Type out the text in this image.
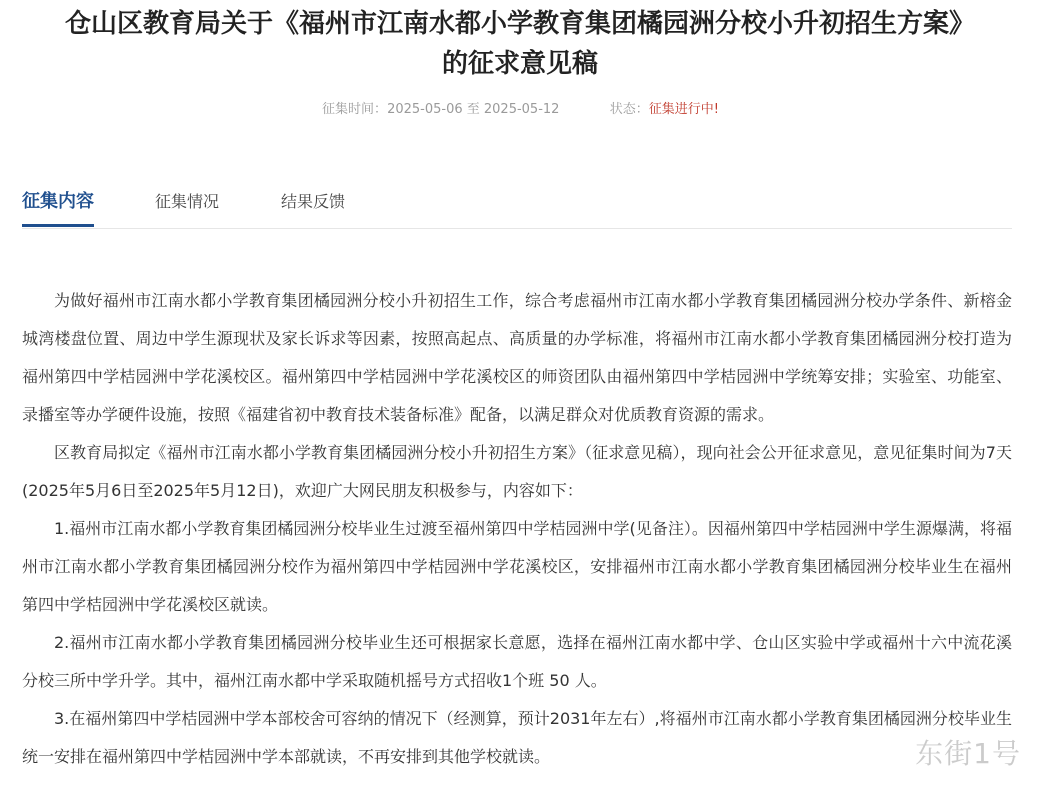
仓山区教育局关于《福州市江南水都小学教育集团橘园洲分校小升初招生方案》 的征求意见稿
征集时间：2025-05-06 至 2025-05-12	状态：征集进行中!
征集内容	征集情况	结果反馈

为做好福州市江南水都小学教育集团橘园洲分校小升初招生工作，综合考虑福州市江南水都小学教育集团橘园洲分校办学条件、新榕金城湾楼盘位置、周边中学生源现状及家长诉求等因素，按照高起点、高质量的办学标准，将福州市江南水都小学教育集团橘园洲分校打造为福州第四中学桔园洲中学花溪校区。福州第四中学桔园洲中学花溪校区的师资团队由福州第四中学桔园洲中学统筹安排；实验室、功能室、录播室等办学硬件设施，按照《福建省初中教育技术装备标准》配备，以满足群众对优质教育资源的需求。

区教育局拟定《福州市江南水都小学教育集团橘园洲分校小升初招生方案》（征求意见稿），现向社会公开征求意见，意见征集时间为7天(2025年5月6日至2025年5月12日)，欢迎广大网民朋友积极参与，内容如下：

1.福州市江南水都小学教育集团橘园洲分校毕业生过渡至福州第四中学桔园洲中学(见备注）。因福州第四中学桔园洲中学生源爆满，将福州市江南水都小学教育集团橘园洲分校作为福州第四中学桔园洲中学花溪校区，安排福州市江南水都小学教育集团橘园洲分校毕业生在福州第四中学桔园洲中学花溪校区就读。

2.福州市江南水都小学教育集团橘园洲分校毕业生还可根据家长意愿，选择在福州江南水都中学、仓山区实验中学或福州十六中流花溪分校三所中学升学。其中，福州江南水都中学采取随机摇号方式招收1个班 50 人。

3.在福州第四中学桔园洲中学本部校舍可容纳的情况下（经测算，预计2031年左右）,将福州市江南水都小学教育集团橘园洲分校毕业生统一安排在福州第四中学桔园洲中学本部就读，不再安排到其他学校就读。	东街1号
